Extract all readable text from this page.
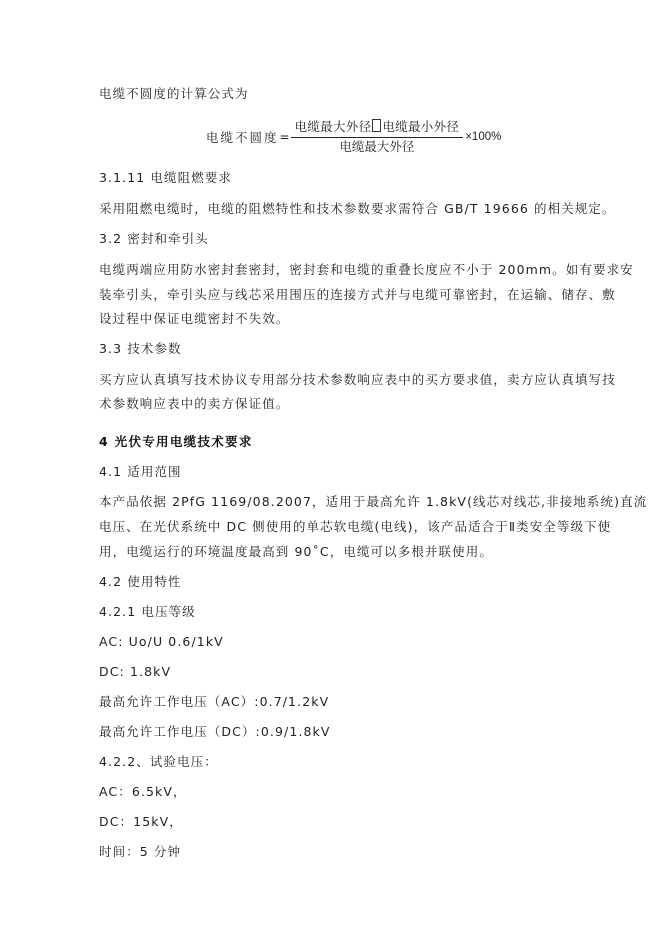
电缆不圆度的计算公式为
电缆不圆度 = $\frac{\text{电缆最大外径 电缆最小外径}}{\text{电缆最大外径}} \times 100\%$
3.1.11 电缆阻燃要求
采用阻燃电缆时，电缆的阻燃特性和技术参数要求需符合 GB/T 19666 的相关规定。
3.2 密封和牵引头
电缆两端应用防水密封套密封，密封套和电缆的重叠长度应不小于 200mm。如有要求安
装牵引头，牵引头应与线芯采用围压的连接方式并与电缆可靠密封，在运输、储存、敷
设过程中保证电缆密封不失效。
3.3 技术参数
买方应认真填写技术协议专用部分技术参数响应表中的买方要求值，卖方应认真填写技
术参数响应表中的卖方保证值。
4 光伏专用电缆技术要求
4.1 适用范围
本产品依据 2PfG 1169/08.2007，适用于最高允许 1.8kV(线芯对线芯,非接地系统)直流
电压、在光伏系统中 DC 侧使用的单芯软电缆(电线)，该产品适合于Ⅱ类安全等级下使
用，电缆运行的环境温度最高到 90˚C，电缆可以多根并联使用。
4.2 使用特性
4.2.1 电压等级
AC: Uo/U 0.6/1kV
DC: 1.8kV
最高允许工作电压（AC）:0.7/1.2kV
最高允许工作电压（DC）:0.9/1.8kV
4.2.2、试验电压：
AC：6.5kV，
DC：15kV，
时间：5 分钟
